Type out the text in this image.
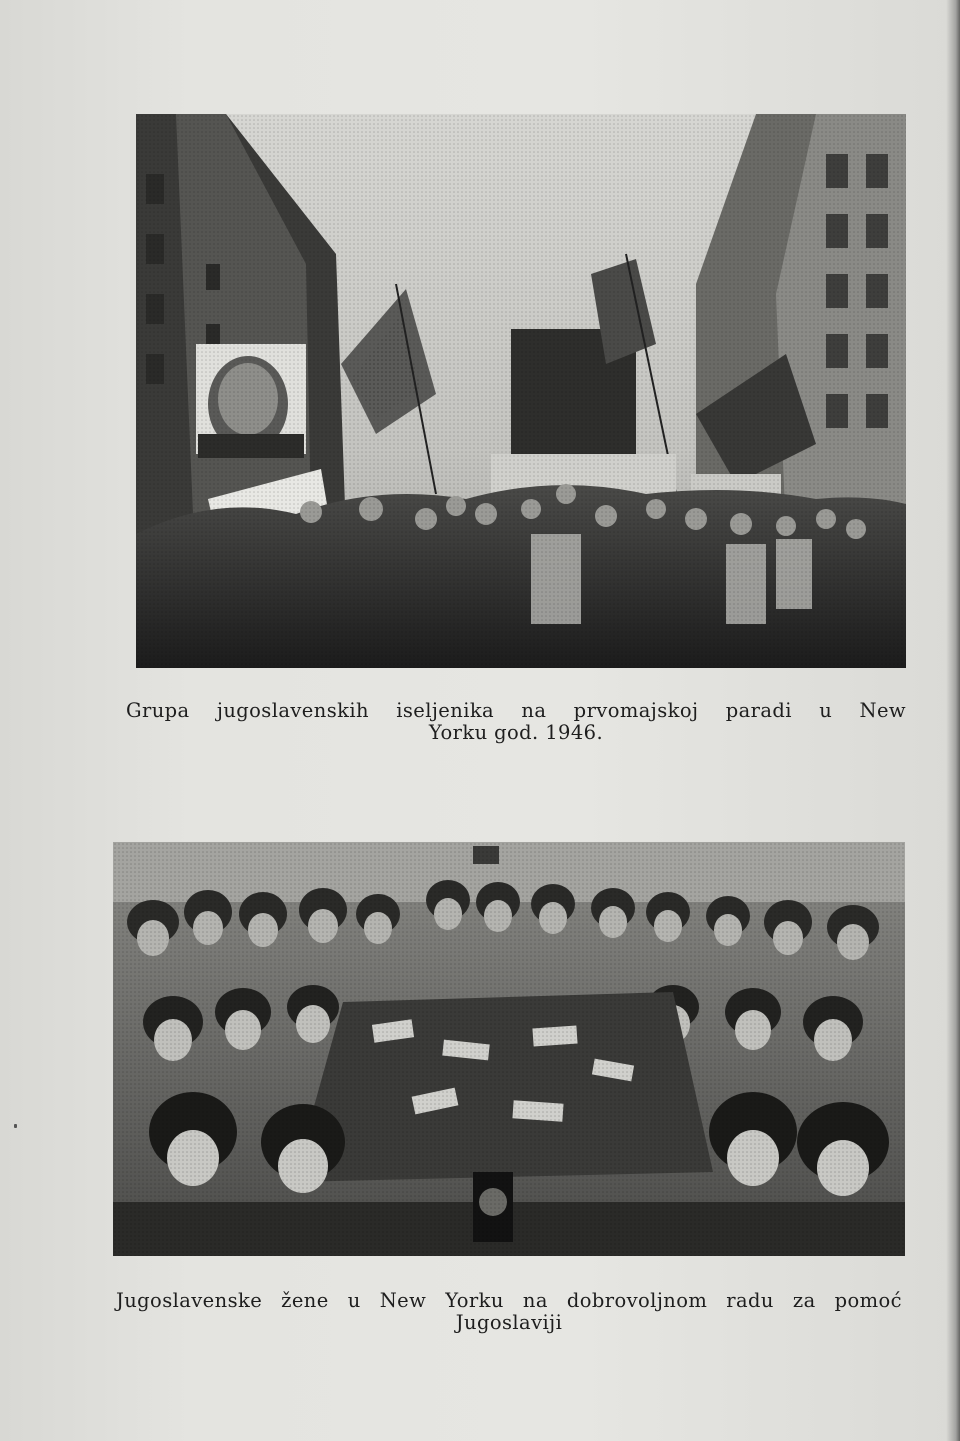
Grupa jugoslavenskih iseljenika na prvomajskoj paradi u New
Yorku god. 1946.
Jugoslavenske žene u New Yorku na dobrovoljnom radu za pomoć
Jugoslaviji
